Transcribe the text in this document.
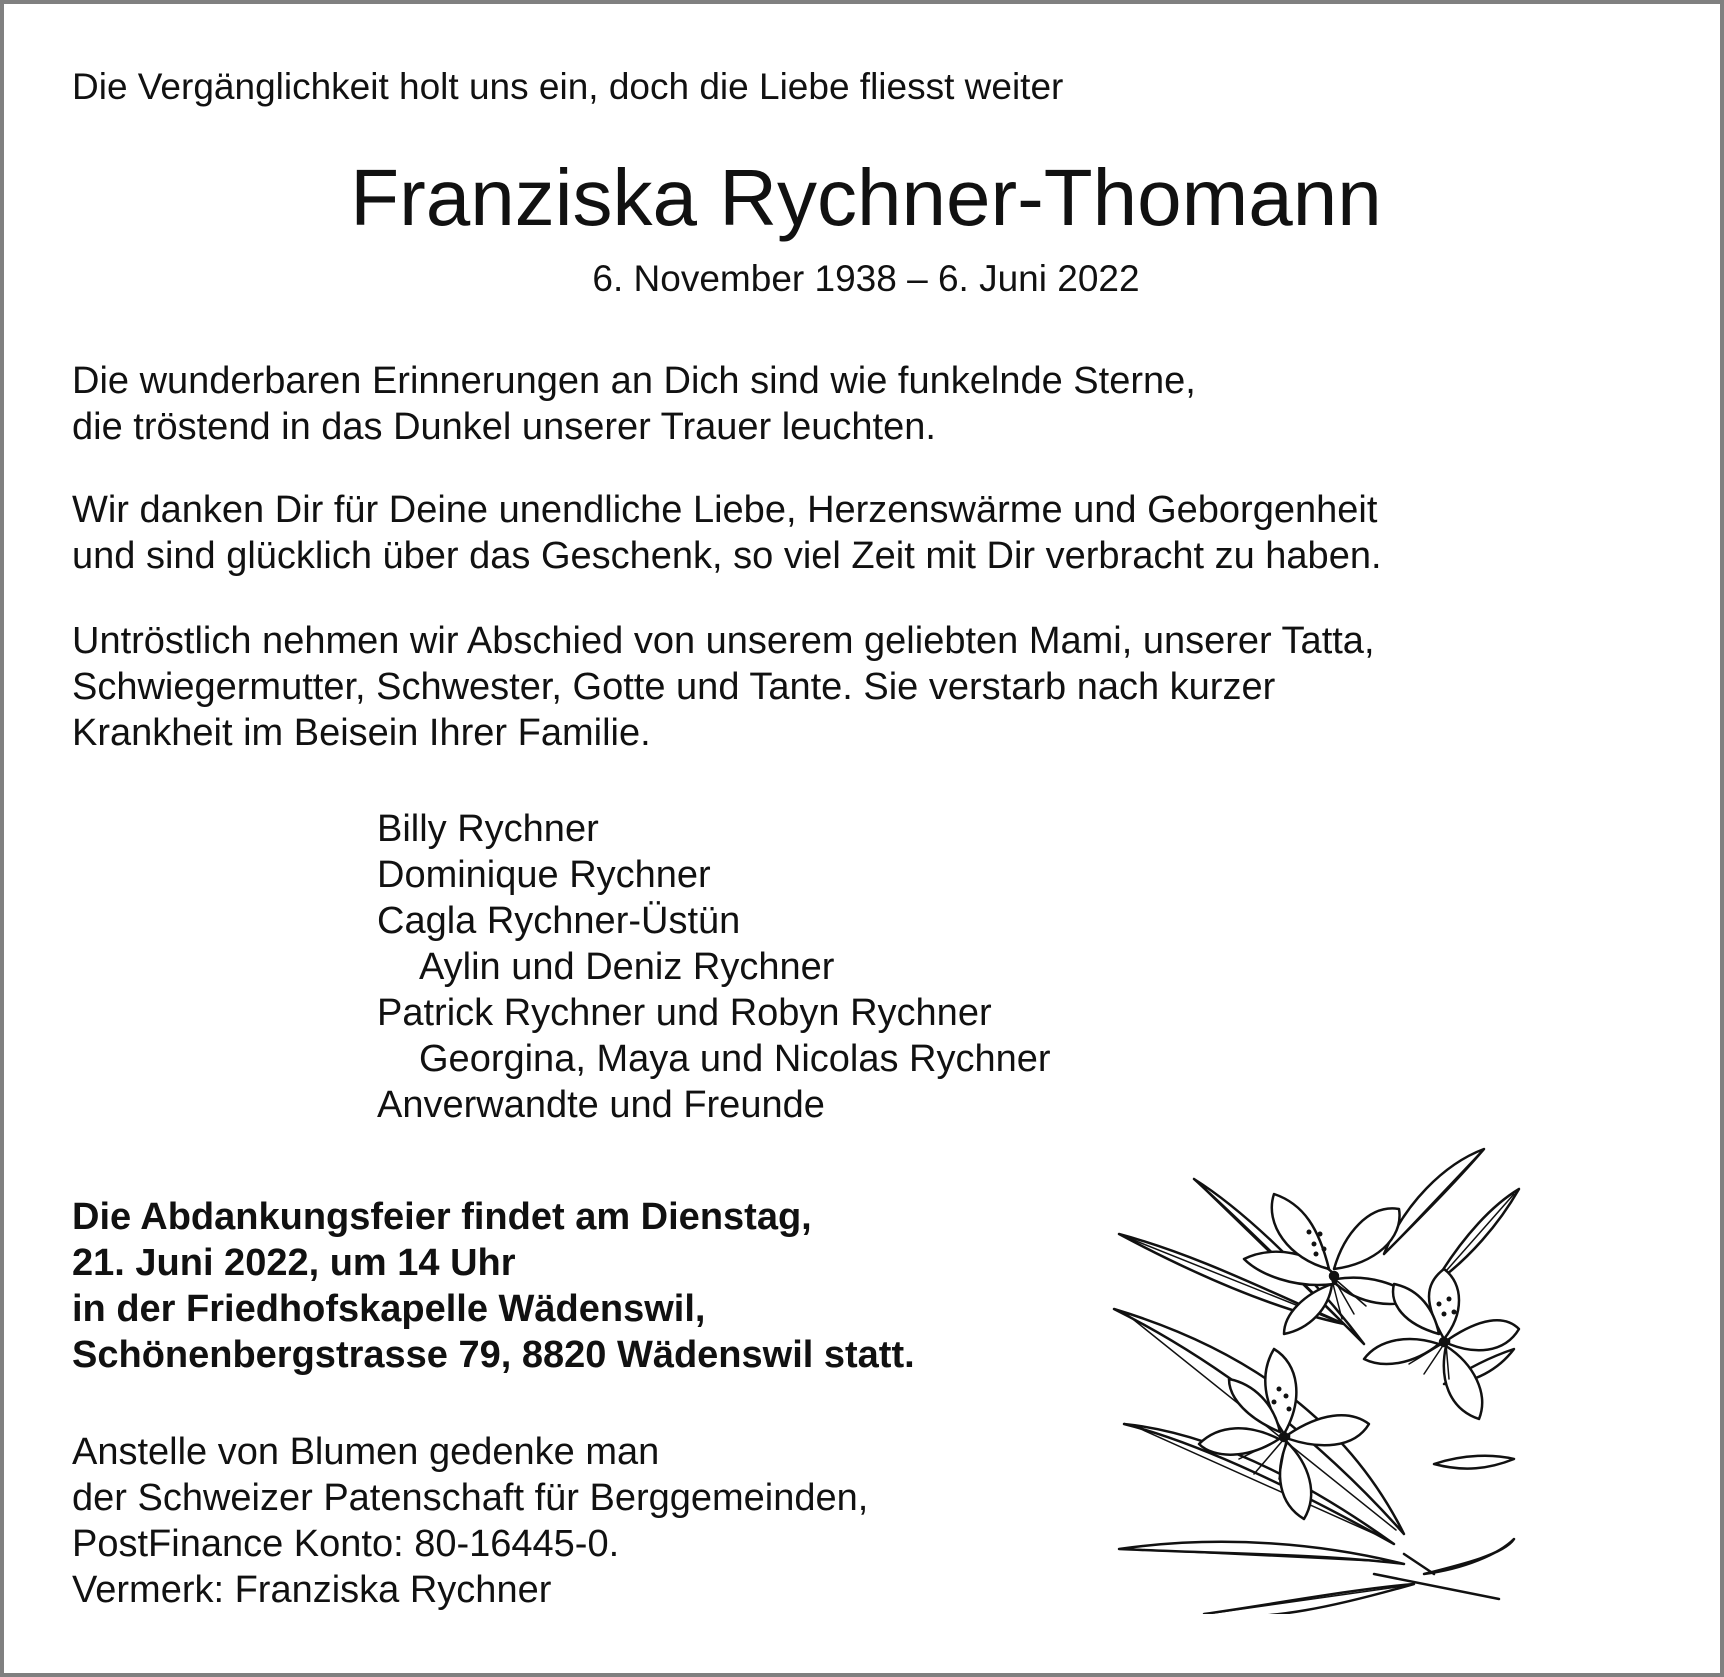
Die Vergänglichkeit holt uns ein, doch die Liebe fliesst weiter

Franziska Rychner-Thomann

6. November 1938 – 6. Juni 2022

Die wunderbaren Erinnerungen an Dich sind wie funkelnde Sterne,
die tröstend in das Dunkel unserer Trauer leuchten.
Wir danken Dir für Deine unendliche Liebe, Herzenswärme und Geborgenheit
und sind glücklich über das Geschenk, so viel Zeit mit Dir verbracht zu haben.
Untröstlich nehmen wir Abschied von unserem geliebten Mami, unserer Tatta,
Schwiegermutter, Schwester, Gotte und Tante. Sie verstarb nach kurzer
Krankheit im Beisein Ihrer Familie.
Billy Rychner
Dominique Rychner
Cagla Rychner-Üstün
Aylin und Deniz Rychner
Patrick Rychner und Robyn Rychner
Georgina, Maya und Nicolas Rychner
Anverwandte und Freunde
Die Abdankungsfeier findet am Dienstag,
21. Juni 2022, um 14 Uhr
in der Friedhofskapelle Wädenswil,
Schönenbergstrasse 79, 8820 Wädenswil statt.
Anstelle von Blumen gedenke man
der Schweizer Patenschaft für Berggemeinden,
PostFinance Konto: 80-16445-0.
Vermerk: Franziska Rychner
